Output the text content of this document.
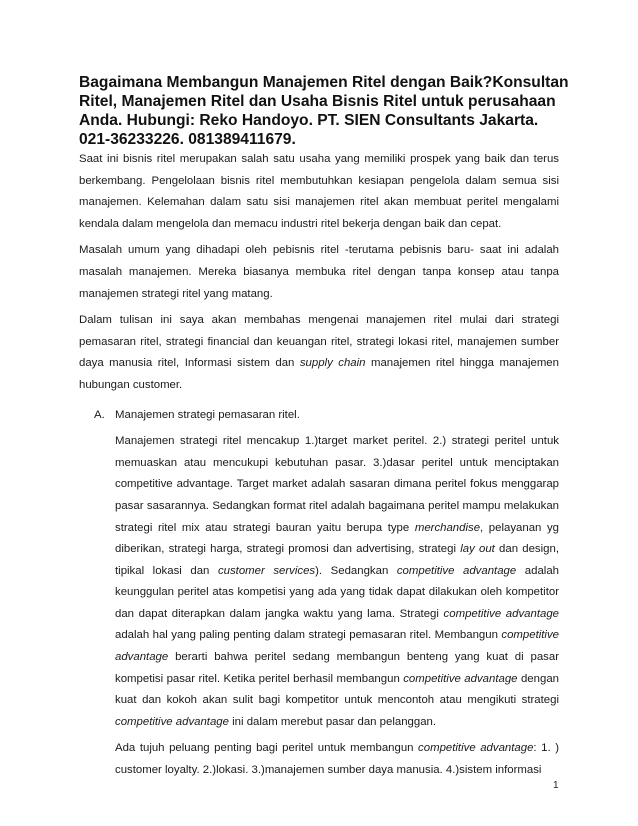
Bagaimana Membangun Manajemen Ritel dengan Baik?Konsultan Ritel, Manajemen Ritel dan Usaha Bisnis Ritel untuk perusahaan Anda. Hubungi: Reko Handoyo. PT. SIEN Consultants Jakarta. 021-36233226. 081389411679.

Saat ini bisnis ritel merupakan salah satu usaha yang memiliki prospek yang baik dan terus berkembang. Pengelolaan bisnis ritel membutuhkan kesiapan pengelola dalam semua sisi manajemen. Kelemahan dalam satu sisi manajemen ritel akan membuat peritel mengalami kendala dalam mengelola dan memacu industri ritel bekerja dengan baik dan cepat.

Masalah umum yang dihadapi oleh pebisnis ritel -terutama pebisnis baru- saat ini adalah masalah manajemen. Mereka biasanya membuka ritel dengan tanpa konsep atau tanpa manajemen strategi ritel yang matang.

Dalam tulisan ini saya akan membahas mengenai manajemen ritel mulai dari strategi pemasaran ritel, strategi financial dan keuangan ritel, strategi lokasi ritel, manajemen sumber daya manusia ritel, Informasi sistem dan supply chain manajemen ritel hingga manajemen hubungan customer.

A. Manajemen strategi pemasaran ritel.

Manajemen strategi ritel mencakup 1.)target market peritel. 2.) strategi peritel untuk memuaskan atau mencukupi kebutuhan pasar. 3.)dasar peritel untuk menciptakan competitive advantage. Target market adalah sasaran dimana peritel fokus menggarap pasar sasarannya. Sedangkan format ritel adalah bagaimana peritel mampu melakukan strategi ritel mix atau strategi bauran yaitu berupa type merchandise, pelayanan yg diberikan, strategi harga, strategi promosi dan advertising, strategi lay out dan design, tipikal lokasi dan customer services). Sedangkan competitive advantage adalah keunggulan peritel atas kompetisi yang ada yang tidak dapat dilakukan oleh kompetitor dan dapat diterapkan dalam jangka waktu yang lama. Strategi competitive advantage adalah hal yang paling penting dalam strategi pemasaran ritel. Membangun competitive advantage berarti bahwa peritel sedang membangun benteng yang kuat di pasar kompetisi pasar ritel. Ketika peritel berhasil membangun competitive advantage dengan kuat dan kokoh akan sulit bagi kompetitor untuk mencontoh atau mengikuti strategi competitive advantage ini dalam merebut pasar dan pelanggan.

Ada tujuh peluang penting bagi peritel untuk membangun competitive advantage: 1. ) customer loyalty. 2.)lokasi. 3.)manajemen sumber daya manusia. 4.)sistem informasi

1
